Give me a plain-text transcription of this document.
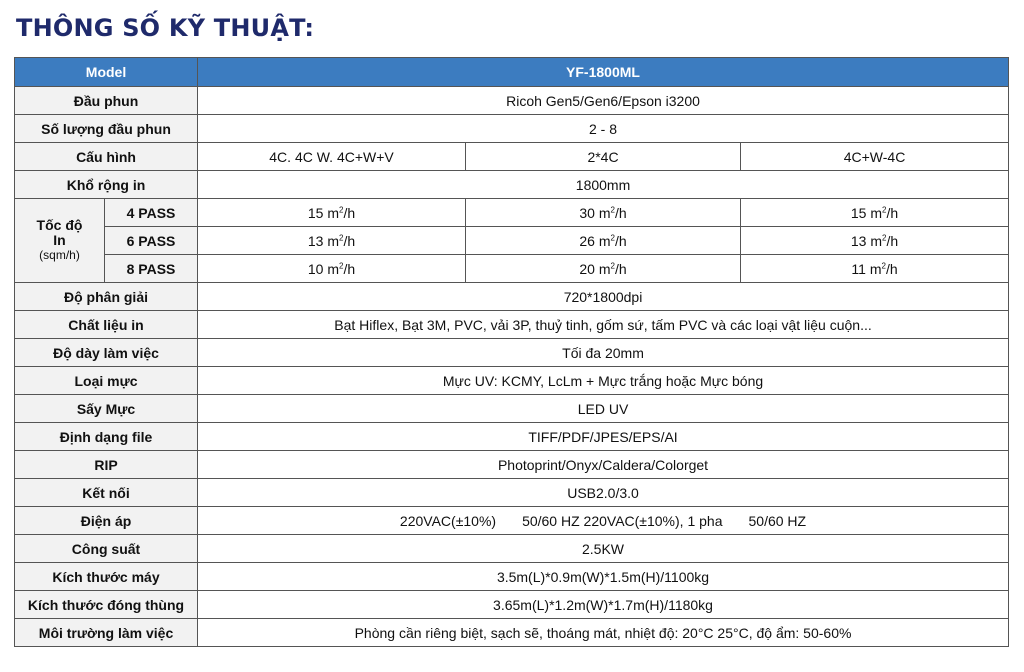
THÔNG SỐ KỸ THUẬT:
Model		YF-1800ML		
Đầu phun		Ricoh Gen5/Gen6/Epson i3200		
Số lượng đầu phun		2 - 8		
Cấu hình		4C. 4C W. 4C+W+V	2*4C	4C+W-4C
Khổ rộng in		1800mm		

Tốc độ
In
(sqm/h)	4 PASS	15 $m^2/h$	30 $m^2/h$	15 $m^2/h$
	6 PASS	13 $m^2/h$	26 $m^2/h$	13 $m^2/h$
	8 PASS	10 $m^2/h$	20 $m^2/h$	11 $m^2/h$
Độ phân giải		720*1800dpi		
Chất liệu in		Bạt Hiflex, Bạt 3M, PVC, vải 3P, thuỷ tinh, gốm sứ, tấm PVC và các loại vật liệu cuộn...		
Độ dày làm việc		Tối đa 20mm		
Loại mực		Mực UV: KCMY, LcLm + Mực trắng hoặc Mực bóng		
Sấy Mực		LED UV		
Định dạng file		TIFF/PDF/JPES/EPS/AI		
RIP		Photoprint/Onyx/Caldera/Colorget		
Kết nối		USB2.0/3.0		
Điện áp		220VAC(±10%) 50/60 HZ 220VAC(±10%), 1 pha 50/60 HZ		
Công suất		2.5KW		
Kích thước máy		3.5m(L)*0.9m(W)*1.5m(H)/1100kg		
Kích thước đóng thùng		3.65m(L)*1.2m(W)*1.7m(H)/1180kg		
Môi trường làm việc		Phòng cần riêng biệt, sạch sẽ, thoáng mát, nhiệt độ: 20°C 25°C, độ ẩm: 50-60%		
